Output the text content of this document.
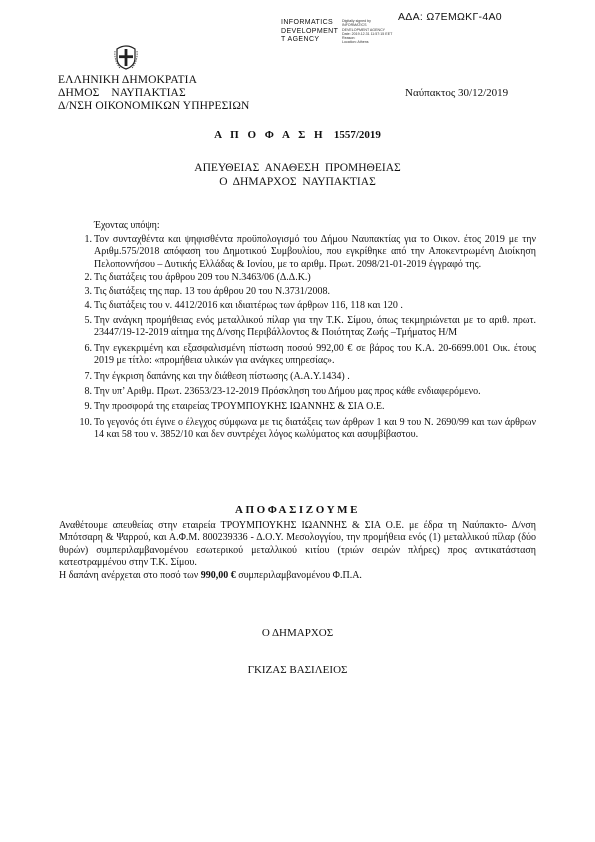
ΑΔΑ: Ω7ΕΜΩΚΓ-4Α0
INFORMATICS
DEVELOPMENT
T AGENCY
Digitally signed by
INFORMATICS
DEVELOPMENT AGENCY
Date: 2019.12.31 11:57:15 EET
Reason:
Location: Athens
ΕΛΛΗΝΙΚΗ ΔΗΜΟΚΡΑΤΙΑ
ΔΗΜΟΣ    ΝΑΥΠΑΚΤΙΑΣ
Δ/ΝΣΗ ΟΙΚΟΝΟΜΙΚΩΝ ΥΠΗΡΕΣΙΩΝ
Ναύπακτος 30/12/2019
Α Π Ο Φ Α Σ Η 1557/2019
ΑΠΕΥΘΕΙΑΣ  ΑΝΑΘΕΣΗ  ΠΡΟΜΗΘΕΙΑΣ
Ο  ΔΗΜΑΡΧΟΣ  ΝΑΥΠΑΚΤΙΑΣ
Έχοντας υπόψη:
1. Τον συνταχθέντα και ψηφισθέντα προϋπολογισμό του Δήμου Ναυπακτίας για το Οικον. έτος 2019 με την Αριθμ.575/2018 απόφαση του Δημοτικού Συμβουλίου, που εγκρίθηκε από την Αποκεντρωμένη Διοίκηση Πελοποννήσου – Δυτικής Ελλάδας & Ιονίου, με το αριθμ. Πρωτ. 2098/21-01-2019 έγγραφό της.
2. Τις διατάξεις του άρθρου 209 του Ν.3463/06 (Δ.Δ.Κ.)
3. Τις διατάξεις της παρ. 13 του άρθρου 20 του Ν.3731/2008.
4. Τις διατάξεις του ν. 4412/2016 και ιδιαιτέρως των άρθρων 116, 118 και 120 .
5. Την ανάγκη προμήθειας ενός μεταλλικού πίλαρ για την Τ.Κ. Σίμου, όπως τεκμηριώνεται με το αριθ. πρωτ. 23447/19-12-2019 αίτημα της Δ/νσης Περιβάλλοντος & Ποιότητας Ζωής –Τμήματος Η/Μ
6. Την εγκεκριμένη και εξασφαλισμένη πίστωση ποσού 992,00 € σε βάρος του Κ.Α. 20-6699.001 Οικ. έτους 2019 με τίτλο: «προμήθεια υλικών για ανάγκες υπηρεσίας».
7. Την έγκριση δαπάνης και την διάθεση πίστωσης (Α.Α.Υ.1434) .
8. Την υπ’ Αριθμ. Πρωτ. 23653/23-12-2019 Πρόσκληση του Δήμου μας προς κάθε ενδιαφερόμενο.
9. Την προσφορά της εταιρείας ΤΡΟΥΜΠΟΥΚΗΣ ΙΩΑΝΝΗΣ & ΣΙΑ Ο.Ε.
10. Το γεγονός ότι έγινε ο έλεγχος σύμφωνα με τις διατάξεις των άρθρων 1 και 9 του Ν. 2690/99 και των άρθρων 14 και 58 του ν. 3852/10 και δεν συντρέχει λόγος κωλύματος και ασυμβίβαστου.
ΑΠΟΦΑΣΙΖΟΥΜΕ
Αναθέτουμε απευθείας στην εταιρεία ΤΡΟΥΜΠΟΥΚΗΣ ΙΩΑΝΝΗΣ & ΣΙΑ Ο.Ε. με έδρα τη Ναύπακτο- Δ/νση Μπότσαρη & Ψαρρού, και Α.Φ.Μ. 800239336 - Δ.Ο.Υ. Μεσολογγίου, την προμήθεια ενός (1) μεταλλικού πίλαρ (δύο θυρών) συμπεριλαμβανομένου εσωτερικού μεταλλικού κιτίου (τριών σειρών πλήρες) προς αντικατάσταση κατεστραμμένου στην Τ.Κ. Σίμου.
Η δαπάνη ανέρχεται στο ποσό των 990,00 € συμπεριλαμβανομένου Φ.Π.Α.
Ο ΔΗΜΑΡΧΟΣ
ΓΚΙΖΑΣ ΒΑΣΙΛΕΙΟΣ
